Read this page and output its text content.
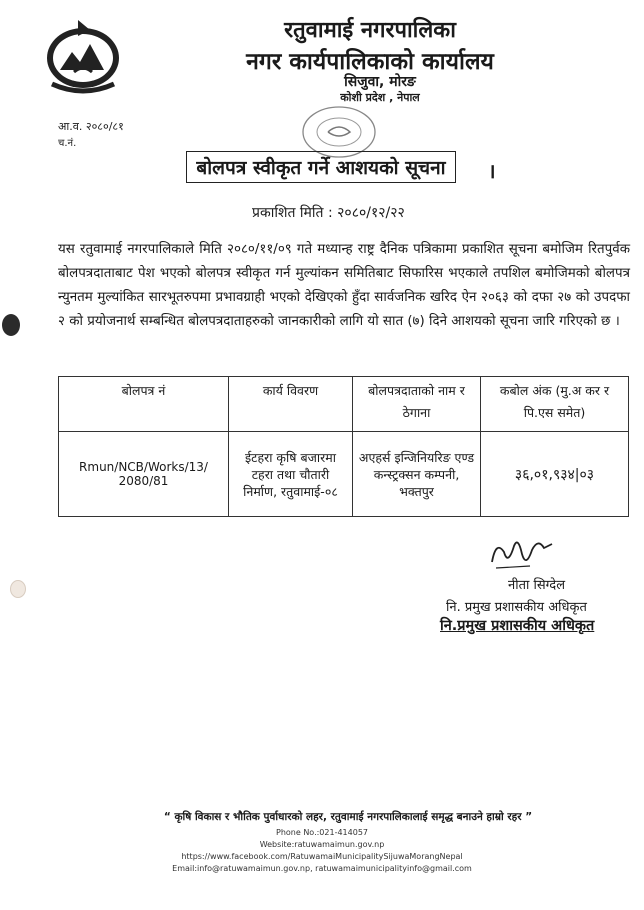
रतुवामाई नगरपालिका
नगर कार्यपालिकाको कार्यालय
सिजुवा, मोरङ
कोशी प्रदेश , नेपाल
आ.व. २०८०/८१
च.नं.
बोलपत्र स्वीकृत गर्ने आशयको सूचना	।
प्रकाशित मिति : २०८०/१२/२२
यस रतुवामाई नगरपालिकाले मिति २०८०/११/०९ गते मध्यान्ह राष्ट्र दैनिक पत्रिकामा प्रकाशित सूचना बमोजिम रितपुर्वक बोलपत्रदाताबाट पेश भएको बोलपत्र स्वीकृत गर्न मुल्यांकन समितिबाट सिफारिस भएकाले तपशिल बमोजिमको बोलपत्र न्युनतम मुल्यांकित सारभूतरुपमा प्रभावग्राही भएको देखिएको हुँदा सार्वजनिक खरिद ऐन २०६३ को दफा २७ को उपदफा २ को प्रयोजनार्थ सम्बन्धित बोलपत्रदाताहरुको जानकारीको लागि यो सात (७) दिने आशयको सूचना जारि गरिएको छ ।
बोलपत्र नं	कार्य विवरण	बोलपत्रदाताको नाम र ठेगाना	कबोल अंक (मु.अ कर र पि.एस समेत)
Rmun/NCB/Works/13/ 2080/81	ईटहरा कृषि बजारमा टहरा तथा चौतारी निर्माण, रतुवामाई-०८	अएहर्स इन्जिनियरिङ एण्ड कन्स्ट्रक्सन कम्पनी, भक्तपुर	३६,०१,९३४|०३
नीता सिग्देल
नि. प्रमुख प्रशासकीय अधिकृत
नि.प्रमुख प्रशासकीय अधिकृत
“ कृषि विकास र भौतिक पुर्वाधारको लहर, रतुवामाई नगरपालिकालाई समृद्ध बनाउने हाम्रो रहर ”
Phone No.:021-414057
Website:ratuwamaimun.gov.np
https://www.facebook.com/RatuwamaiMunicipalitySijuwaMorangNepal
Email:info@ratuwamaimun.gov.np, ratuwamaimunicipalityinfo@gmail.com
